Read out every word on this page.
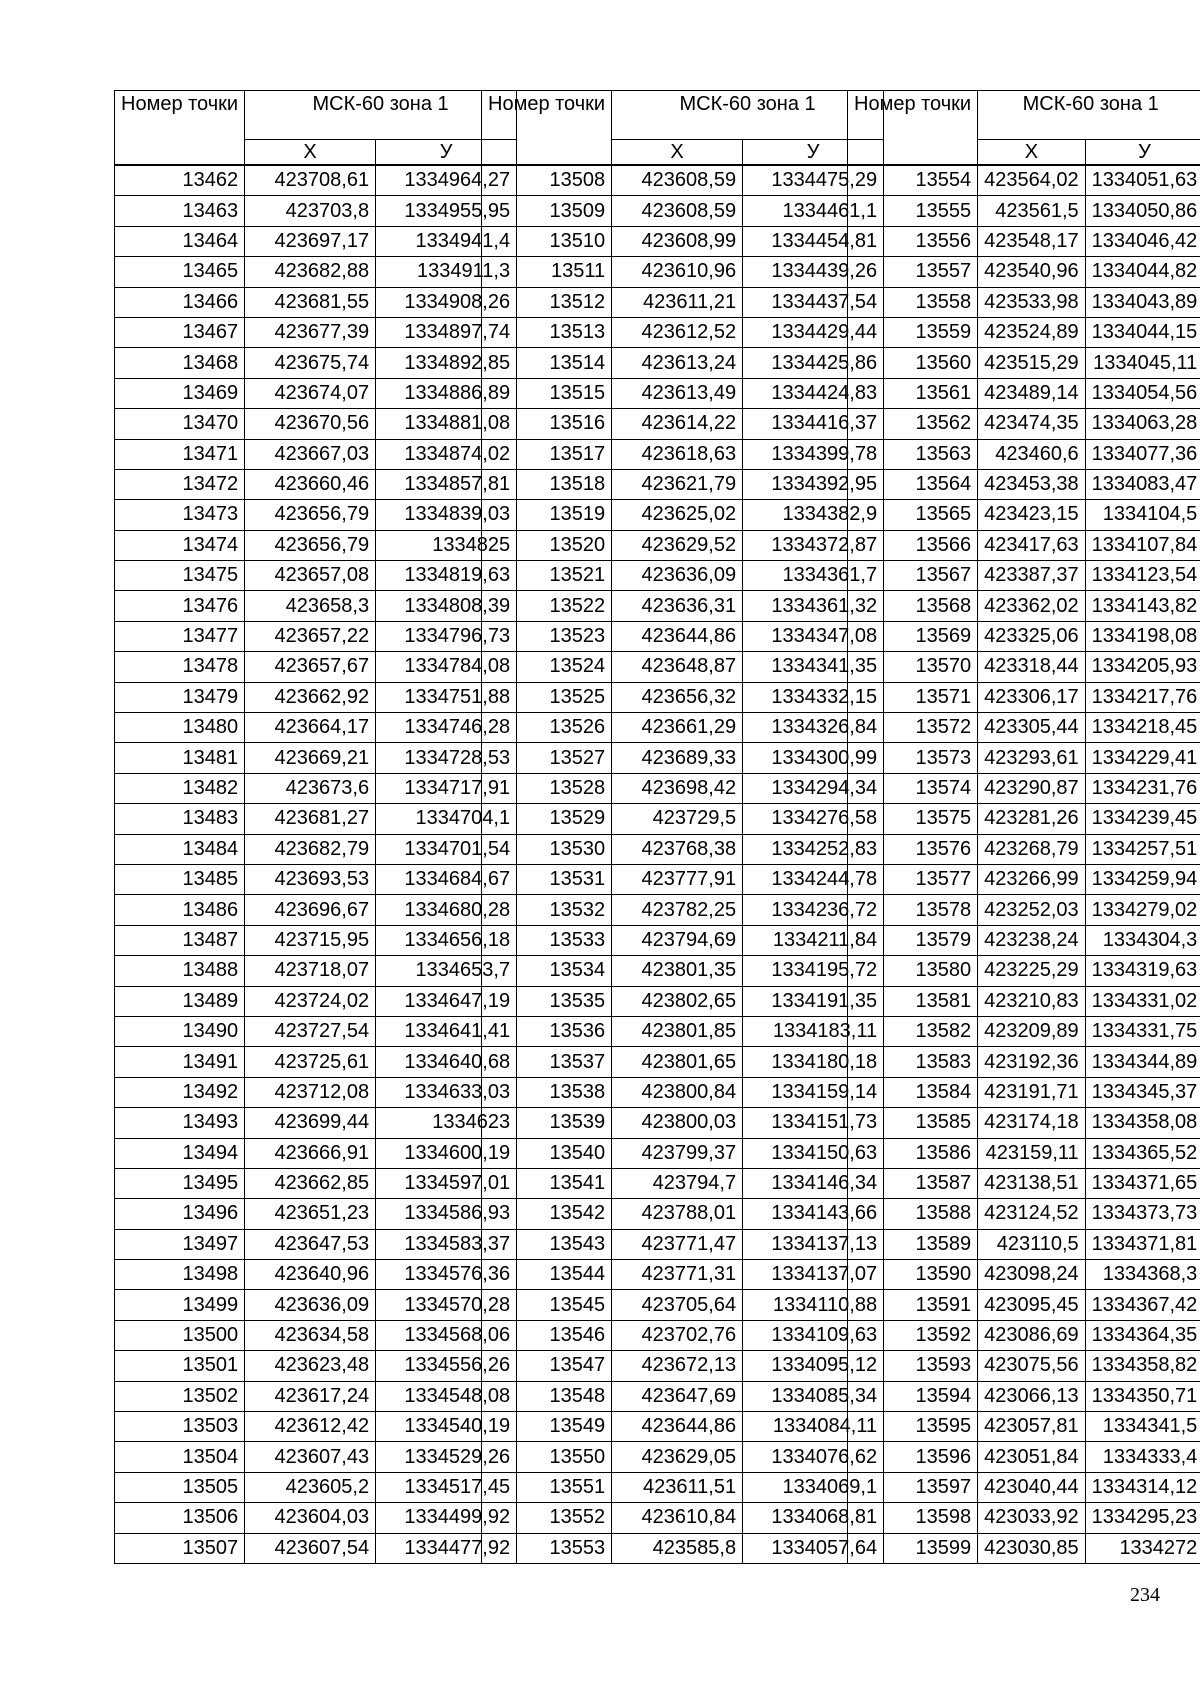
Номер точки	МСК-60 зона 1	
	X	У
13462	423708,61	1334964,27
13463	423703,8	1334955,95
13464	423697,17	1334941,4
13465	423682,88	1334911,3
13466	423681,55	1334908,26
13467	423677,39	1334897,74
13468	423675,74	1334892,85
13469	423674,07	1334886,89
13470	423670,56	1334881,08
13471	423667,03	1334874,02
13472	423660,46	1334857,81
13473	423656,79	1334839,03
13474	423656,79	1334825
13475	423657,08	1334819,63
13476	423658,3	1334808,39
13477	423657,22	1334796,73
13478	423657,67	1334784,08
13479	423662,92	1334751,88
13480	423664,17	1334746,28
13481	423669,21	1334728,53
13482	423673,6	1334717,91
13483	423681,27	1334704,1
13484	423682,79	1334701,54
13485	423693,53	1334684,67
13486	423696,67	1334680,28
13487	423715,95	1334656,18
13488	423718,07	1334653,7
13489	423724,02	1334647,19
13490	423727,54	1334641,41
13491	423725,61	1334640,68
13492	423712,08	1334633,03
13493	423699,44	1334623
13494	423666,91	1334600,19
13495	423662,85	1334597,01
13496	423651,23	1334586,93
13497	423647,53	1334583,37
13498	423640,96	1334576,36
13499	423636,09	1334570,28
13500	423634,58	1334568,06
13501	423623,48	1334556,26
13502	423617,24	1334548,08
13503	423612,42	1334540,19
13504	423607,43	1334529,26
13505	423605,2	1334517,45
13506	423604,03	1334499,92
13507	423607,54	1334477,92
Номер точки	МСК-60 зона 1	
	X	У
13508	423608,59	1334475,29
13509	423608,59	1334461,1
13510	423608,99	1334454,81
13511	423610,96	1334439,26
13512	423611,21	1334437,54
13513	423612,52	1334429,44
13514	423613,24	1334425,86
13515	423613,49	1334424,83
13516	423614,22	1334416,37
13517	423618,63	1334399,78
13518	423621,79	1334392,95
13519	423625,02	1334382,9
13520	423629,52	1334372,87
13521	423636,09	1334361,7
13522	423636,31	1334361,32
13523	423644,86	1334347,08
13524	423648,87	1334341,35
13525	423656,32	1334332,15
13526	423661,29	1334326,84
13527	423689,33	1334300,99
13528	423698,42	1334294,34
13529	423729,5	1334276,58
13530	423768,38	1334252,83
13531	423777,91	1334244,78
13532	423782,25	1334236,72
13533	423794,69	1334211,84
13534	423801,35	1334195,72
13535	423802,65	1334191,35
13536	423801,85	1334183,11
13537	423801,65	1334180,18
13538	423800,84	1334159,14
13539	423800,03	1334151,73
13540	423799,37	1334150,63
13541	423794,7	1334146,34
13542	423788,01	1334143,66
13543	423771,47	1334137,13
13544	423771,31	1334137,07
13545	423705,64	1334110,88
13546	423702,76	1334109,63
13547	423672,13	1334095,12
13548	423647,69	1334085,34
13549	423644,86	1334084,11
13550	423629,05	1334076,62
13551	423611,51	1334069,1
13552	423610,84	1334068,81
13553	423585,8	1334057,64
Номер точки	МСК-60 зона 1	
	X	У
13554	423564,02	1334051,63
13555	423561,5	1334050,86
13556	423548,17	1334046,42
13557	423540,96	1334044,82
13558	423533,98	1334043,89
13559	423524,89	1334044,15
13560	423515,29	1334045,11
13561	423489,14	1334054,56
13562	423474,35	1334063,28
13563	423460,6	1334077,36
13564	423453,38	1334083,47
13565	423423,15	1334104,5
13566	423417,63	1334107,84
13567	423387,37	1334123,54
13568	423362,02	1334143,82
13569	423325,06	1334198,08
13570	423318,44	1334205,93
13571	423306,17	1334217,76
13572	423305,44	1334218,45
13573	423293,61	1334229,41
13574	423290,87	1334231,76
13575	423281,26	1334239,45
13576	423268,79	1334257,51
13577	423266,99	1334259,94
13578	423252,03	1334279,02
13579	423238,24	1334304,3
13580	423225,29	1334319,63
13581	423210,83	1334331,02
13582	423209,89	1334331,75
13583	423192,36	1334344,89
13584	423191,71	1334345,37
13585	423174,18	1334358,08
13586	423159,11	1334365,52
13587	423138,51	1334371,65
13588	423124,52	1334373,73
13589	423110,5	1334371,81
13590	423098,24	1334368,3
13591	423095,45	1334367,42
13592	423086,69	1334364,35
13593	423075,56	1334358,82
13594	423066,13	1334350,71
13595	423057,81	1334341,5
13596	423051,84	1334333,4
13597	423040,44	1334314,12
13598	423033,92	1334295,23
13599	423030,85	1334272
234
